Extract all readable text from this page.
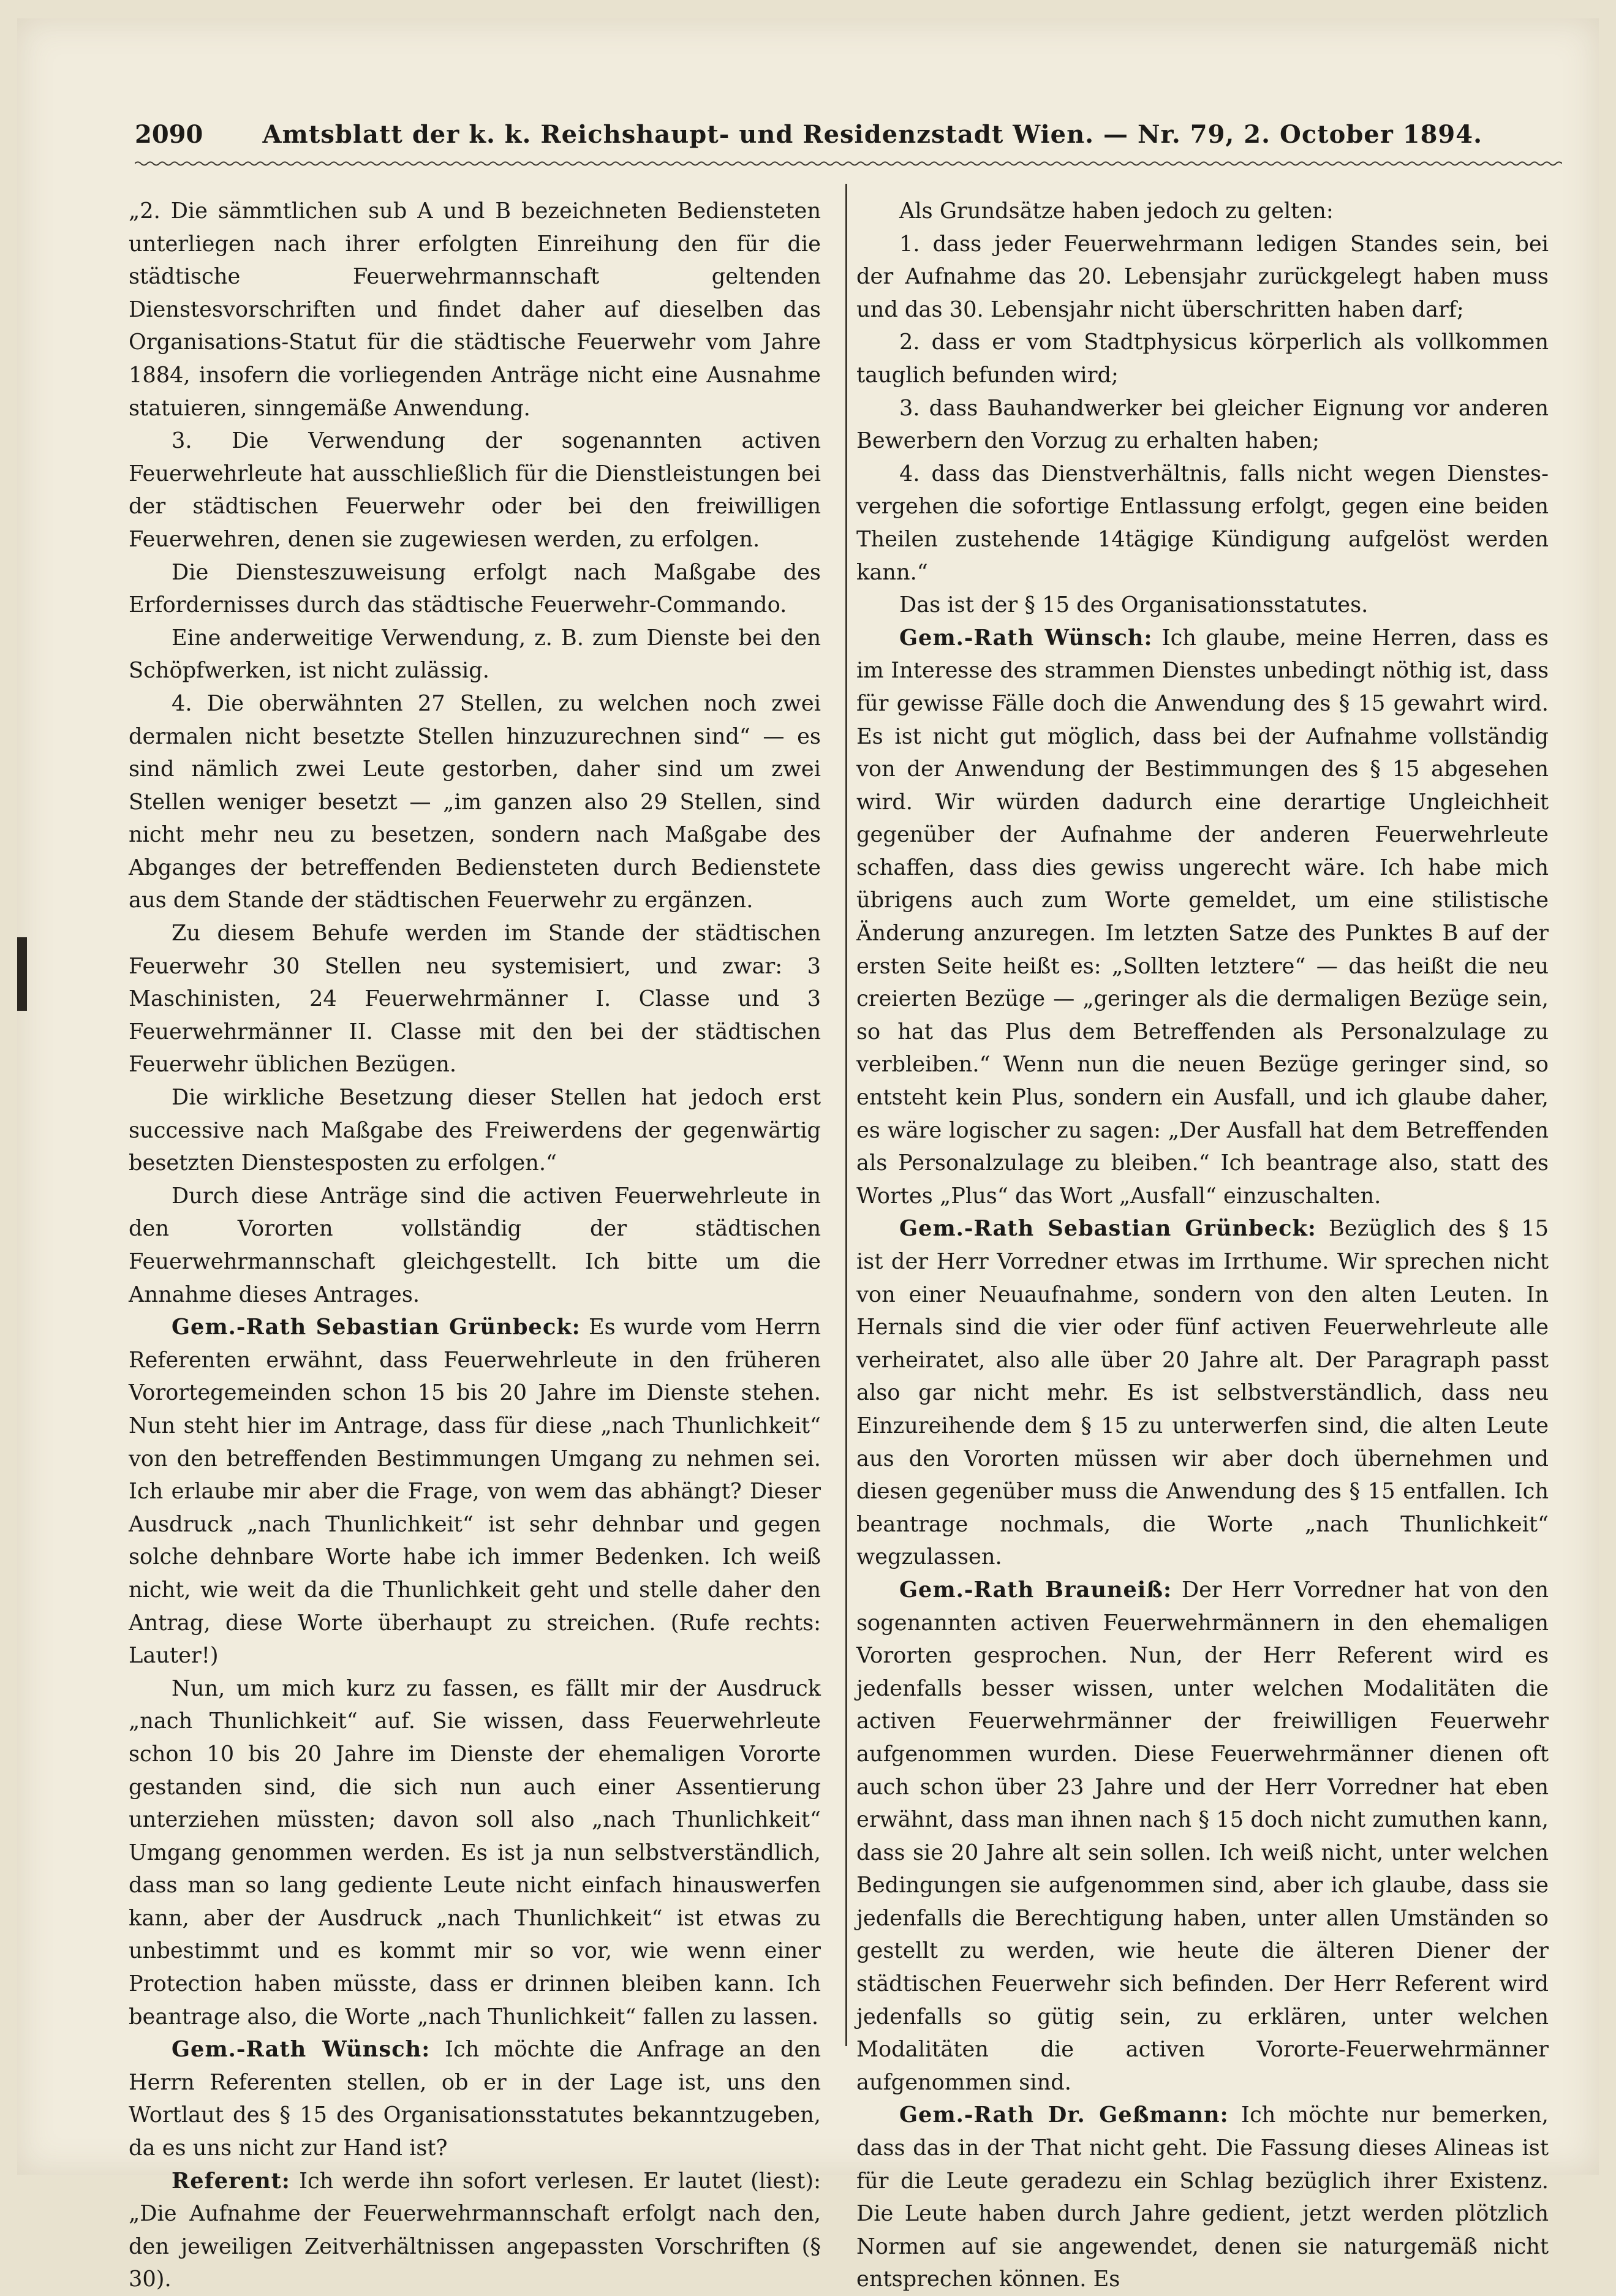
2090 Amtsblatt der k. k. Reichshaupt- und Residenzstadt Wien. — Nr. 79, 2. October 1894.

„2. Die sämmtlichen sub A und B bezeichneten Bediensteten unterliegen nach ihrer erfolgten Einreihung den für die städtische Feuerwehrmannschaft geltenden Dienstesvorschriften und findet daher auf dieselben das Organisations-Statut für die städtische Feuerwehr vom Jahre 1884, insofern die vorliegenden Anträge nicht eine Ausnahme statuieren, sinngemäße Anwendung.

3. Die Verwendung der sogenannten activen Feuerwehrleute hat ausschließlich für die Dienstleistungen bei der städtischen Feuerwehr oder bei den freiwilligen Feuerwehren, denen sie zugewiesen werden, zu erfolgen.

Die Diensteszuweisung erfolgt nach Maßgabe des Erfordernisses durch das städtische Feuerwehr-Commando.

Eine anderweitige Verwendung, z. B. zum Dienste bei den Schöpfwerken, ist nicht zulässig.

4. Die oberwähnten 27 Stellen, zu welchen noch zwei dermalen nicht besetzte Stellen hinzuzurechnen sind“ — es sind nämlich zwei Leute gestorben, daher sind um zwei Stellen weniger besetzt — „im ganzen also 29 Stellen, sind nicht mehr neu zu besetzen, sondern nach Maßgabe des Abganges der betreffenden Bediensteten durch Bedienstete aus dem Stande der städtischen Feuerwehr zu ergänzen.

Zu diesem Behufe werden im Stande der städtischen Feuerwehr 30 Stellen neu systemisiert, und zwar: 3 Maschinisten, 24 Feuerwehrmänner I. Classe und 3 Feuerwehrmänner II. Classe mit den bei der städtischen Feuerwehr üblichen Bezügen.

Die wirkliche Besetzung dieser Stellen hat jedoch erst successive nach Maßgabe des Freiwerdens der gegenwärtig besetzten Dienstesposten zu erfolgen.“

Durch diese Anträge sind die activen Feuerwehrleute in den Vororten vollständig der städtischen Feuerwehrmannschaft gleichgestellt. Ich bitte um die Annahme dieses Antrages.

Gem.-Rath Sebastian Grünbeck: Es wurde vom Herrn Referenten erwähnt, dass Feuerwehrleute in den früheren Vorortegemeinden schon 15 bis 20 Jahre im Dienste stehen. Nun steht hier im Antrage, dass für diese „nach Thunlichkeit“ von den betreffenden Bestimmungen Umgang zu nehmen sei. Ich erlaube mir aber die Frage, von wem das abhängt? Dieser Ausdruck „nach Thunlichkeit“ ist sehr dehnbar und gegen solche dehnbare Worte habe ich immer Bedenken. Ich weiß nicht, wie weit da die Thunlichkeit geht und stelle daher den Antrag, diese Worte überhaupt zu streichen. (Rufe rechts: Lauter!)

Nun, um mich kurz zu fassen, es fällt mir der Ausdruck „nach Thunlichkeit“ auf. Sie wissen, dass Feuerwehrleute schon 10 bis 20 Jahre im Dienste der ehemaligen Vororte gestanden sind, die sich nun auch einer Assentierung unterziehen müssten; davon soll also „nach Thunlichkeit“ Umgang genommen werden. Es ist ja nun selbstverständlich, dass man so lang gediente Leute nicht einfach hinauswerfen kann, aber der Ausdruck „nach Thunlichkeit“ ist etwas zu unbestimmt und es kommt mir so vor, wie wenn einer Protection haben müsste, dass er drinnen bleiben kann. Ich beantrage also, die Worte „nach Thunlichkeit“ fallen zu lassen.

Gem.-Rath Wünsch: Ich möchte die Anfrage an den Herrn Referenten stellen, ob er in der Lage ist, uns den Wortlaut des § 15 des Organisationsstatutes bekanntzugeben, da es uns nicht zur Hand ist?

Referent: Ich werde ihn sofort verlesen. Er lautet (liest): „Die Aufnahme der Feuerwehrmannschaft erfolgt nach den, den jeweiligen Zeitverhältnissen angepassten Vorschriften (§ 30).

Als Grundsätze haben jedoch zu gelten:

1. dass jeder Feuerwehrmann ledigen Standes sein, bei der Aufnahme das 20. Lebensjahr zurückgelegt haben muss und das 30. Lebensjahr nicht überschritten haben darf;

2. dass er vom Stadtphysicus körperlich als vollkommen tauglich befunden wird;

3. dass Bauhandwerker bei gleicher Eignung vor anderen Bewerbern den Vorzug zu erhalten haben;

4. dass das Dienstverhältnis, falls nicht wegen Dienstesvergehen die sofortige Entlassung erfolgt, gegen eine beiden Theilen zustehende 14tägige Kündigung aufgelöst werden kann.“

Das ist der § 15 des Organisationsstatutes.

Gem.-Rath Wünsch: Ich glaube, meine Herren, dass es im Interesse des strammen Dienstes unbedingt nöthig ist, dass für gewisse Fälle doch die Anwendung des § 15 gewahrt wird. Es ist nicht gut möglich, dass bei der Aufnahme vollständig von der Anwendung der Bestimmungen des § 15 abgesehen wird. Wir würden dadurch eine derartige Ungleichheit gegenüber der Aufnahme der anderen Feuerwehrleute schaffen, dass dies gewiss ungerecht wäre. Ich habe mich übrigens auch zum Worte gemeldet, um eine stilistische Änderung anzuregen. Im letzten Satze des Punktes B auf der ersten Seite heißt es: „Sollten letztere“ — das heißt die neu creierten Bezüge — „geringer als die dermaligen Bezüge sein, so hat das Plus dem Betreffenden als Personalzulage zu verbleiben.“ Wenn nun die neuen Bezüge geringer sind, so entsteht kein Plus, sondern ein Ausfall, und ich glaube daher, es wäre logischer zu sagen: „Der Ausfall hat dem Betreffenden als Personalzulage zu bleiben.“ Ich beantrage also, statt des Wortes „Plus“ das Wort „Ausfall“ einzuschalten.

Gem.-Rath Sebastian Grünbeck: Bezüglich des § 15 ist der Herr Vorredner etwas im Irrthume. Wir sprechen nicht von einer Neuaufnahme, sondern von den alten Leuten. In Hernals sind die vier oder fünf activen Feuerwehrleute alle verheiratet, also alle über 20 Jahre alt. Der Paragraph passt also gar nicht mehr. Es ist selbstverständlich, dass neu Einzureihende dem § 15 zu unterwerfen sind, die alten Leute aus den Vororten müssen wir aber doch übernehmen und diesen gegenüber muss die Anwendung des § 15 entfallen. Ich beantrage nochmals, die Worte „nach Thunlichkeit“ wegzulassen.

Gem.-Rath Brauneiß: Der Herr Vorredner hat von den sogenannten activen Feuerwehrmännern in den ehemaligen Vororten gesprochen. Nun, der Herr Referent wird es jedenfalls besser wissen, unter welchen Modalitäten die activen Feuerwehrmänner der freiwilligen Feuerwehr aufgenommen wurden. Diese Feuerwehrmänner dienen oft auch schon über 23 Jahre und der Herr Vorredner hat eben erwähnt, dass man ihnen nach § 15 doch nicht zumuthen kann, dass sie 20 Jahre alt sein sollen. Ich weiß nicht, unter welchen Bedingungen sie aufgenommen sind, aber ich glaube, dass sie jedenfalls die Berechtigung haben, unter allen Umständen so gestellt zu werden, wie heute die älteren Diener der städtischen Feuerwehr sich befinden. Der Herr Referent wird jedenfalls so gütig sein, zu erklären, unter welchen Modalitäten die activen Vororte-Feuerwehrmänner aufgenommen sind.

Gem.-Rath Dr. Geßmann: Ich möchte nur bemerken, dass das in der That nicht geht. Die Fassung dieses Alineas ist für die Leute geradezu ein Schlag bezüglich ihrer Existenz. Die Leute haben durch Jahre gedient, jetzt werden plötzlich Normen auf sie angewendet, denen sie naturgemäß nicht entsprechen können. Es
